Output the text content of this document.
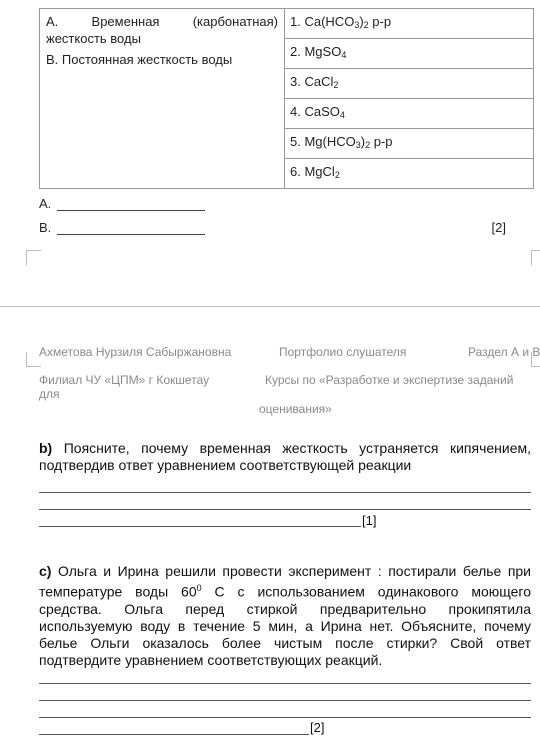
A.	Временная	(карбонатная)
жесткость воды
В. Постоянная жесткость воды
	1. $Ca(HCO_3)_2$ р-р
2. MgSO$_4$
3. CaCl$_2$
4. CaSO$_4$
5. $Mg(HCO_3)_2$ р-р
6. MgCl$_2$
А.
В.	[2]
Ахметова Нурзиля Сабыржановна	Портфолио слушателя	Раздел А и В
Филиал ЧУ «ЦПМ» г Кокшетау
для
Курсы по «Разработке и экспертизе заданий
оценивания»
b) Поясните, почему временная жесткость устраняется кипячением, подтвердив ответ уравнением соответствующей реакции
[1]
с) Ольга и Ирина решили провести эксперимент : постирали белье при температуре воды $60^0$ С с использованием одинакового моющего средства. Ольга перед стиркой предварительно прокипятила используемую воду в течение 5 мин, а Ирина нет. Объясните, почему белье Ольги оказалось более чистым после стирки? Свой ответ подтвердите уравнением соответствующих реакций.
[2]
